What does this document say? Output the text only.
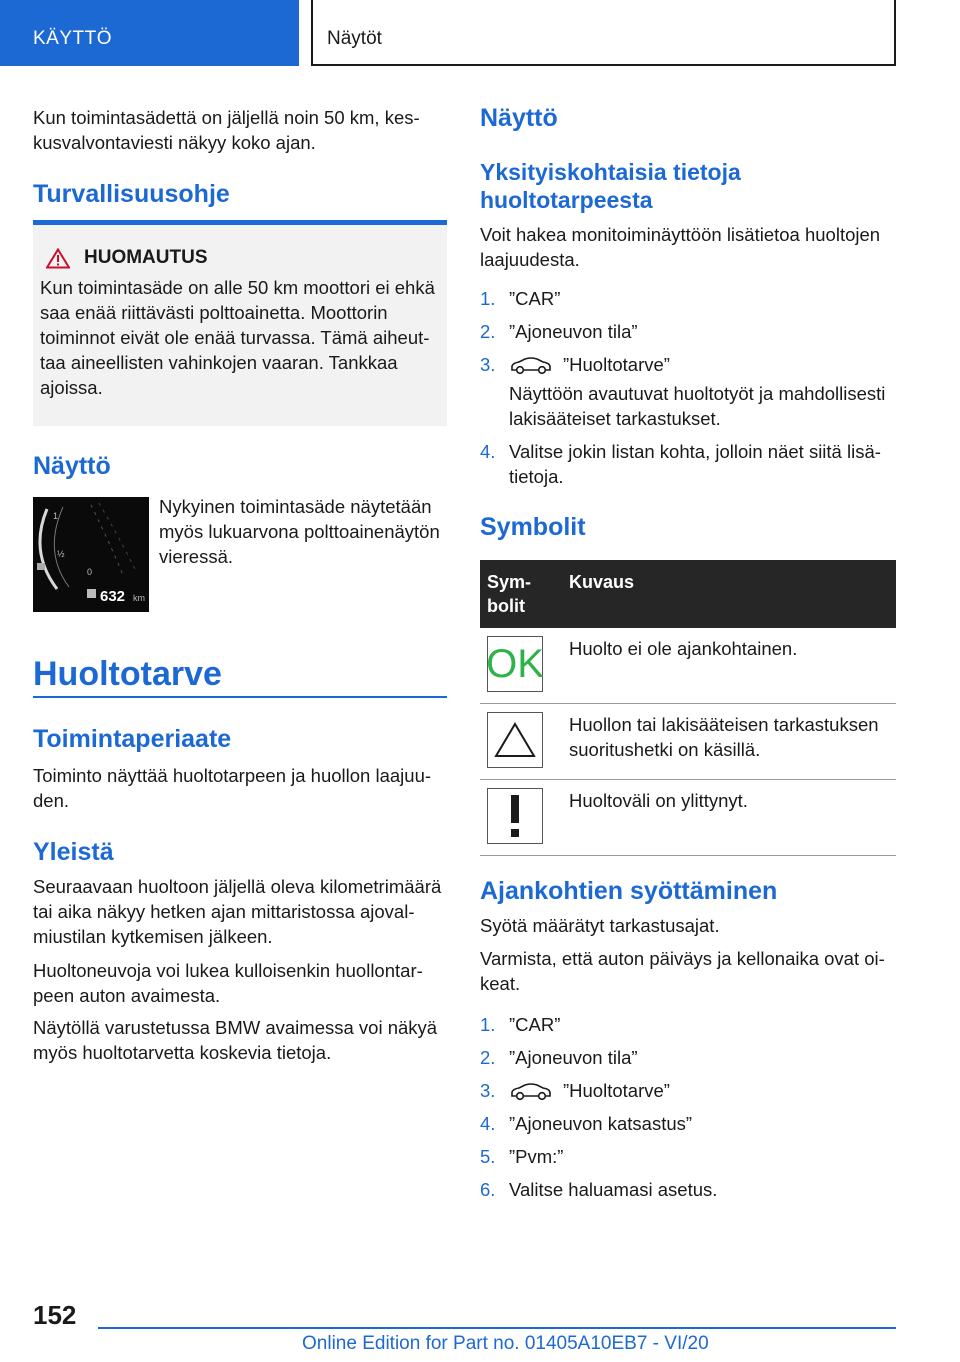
KÄYTTÖ	Näytöt

Kun toimintasädettä on jäljellä noin 50 km, keskusvalvontaviesti näkyy koko ajan.

Turvallisuusohje
HUOMAUTUS

Kun toimintasäde on alle 50 km moottori ei ehkä saa enää riittävästi polttoainetta. Moottorin toiminnot eivät ole enää turvassa. Tämä aiheuttaa aineellisten vahinkojen vaaran. Tankkaa ajoissa.

Näyttö
1
½
0
632 km

Nykyinen toimintasäde näytetään myös lukuarvona polttoainenäytön vieressä.

Huoltotarve
Toimintaperiaate

Toiminto näyttää huoltotarpeen ja huollon laajuuden.

Yleistä

Seuraavaan huoltoon jäljellä oleva kilometrimäärä tai aika näkyy hetken ajan mittaristossa ajovalmiustilan kytkemisen jälkeen.

Huoltoneuvoja voi lukea kulloisenkin huollontarpeen auton avaimesta.

Näytöllä varustetussa BMW avaimessa voi näkyä myös huoltotarvetta koskevia tietoja.

Näyttö
Yksityiskohtaisia tietoja huoltotarpeesta

Voit hakea monitoiminäyttöön lisätietoa huoltojen laajuudesta.

1. ”CAR”
2. ”Ajoneuvon tila”
3.	”Huoltotarve”
Näyttöön avautuvat huoltotyöt ja mahdollisesti lakisääteiset tarkastukset.
4. Valitse jokin listan kohta, jolloin näet siitä lisätietoja.
Symbolit
Symbolit	Kuvaus

OK	Huolto ei ole ajankohtainen.

	Huollon tai lakisääteisen tarkastuksen suoritushetki on käsillä.

	Huoltoväli on ylittynyt.
Ajankohtien syöttäminen

Syötä määrätyt tarkastusajat.

Varmista, että auton päiväys ja kellonaika ovat oikeat.

1. ”CAR”
2. ”Ajoneuvon tila”
3.	”Huoltotarve”
4. ”Ajoneuvon katsastus”
5. ”Pvm:”
6. Valitse haluamasi asetus.
152
Online Edition for Part no. 01405A10EB7 - VI/20
